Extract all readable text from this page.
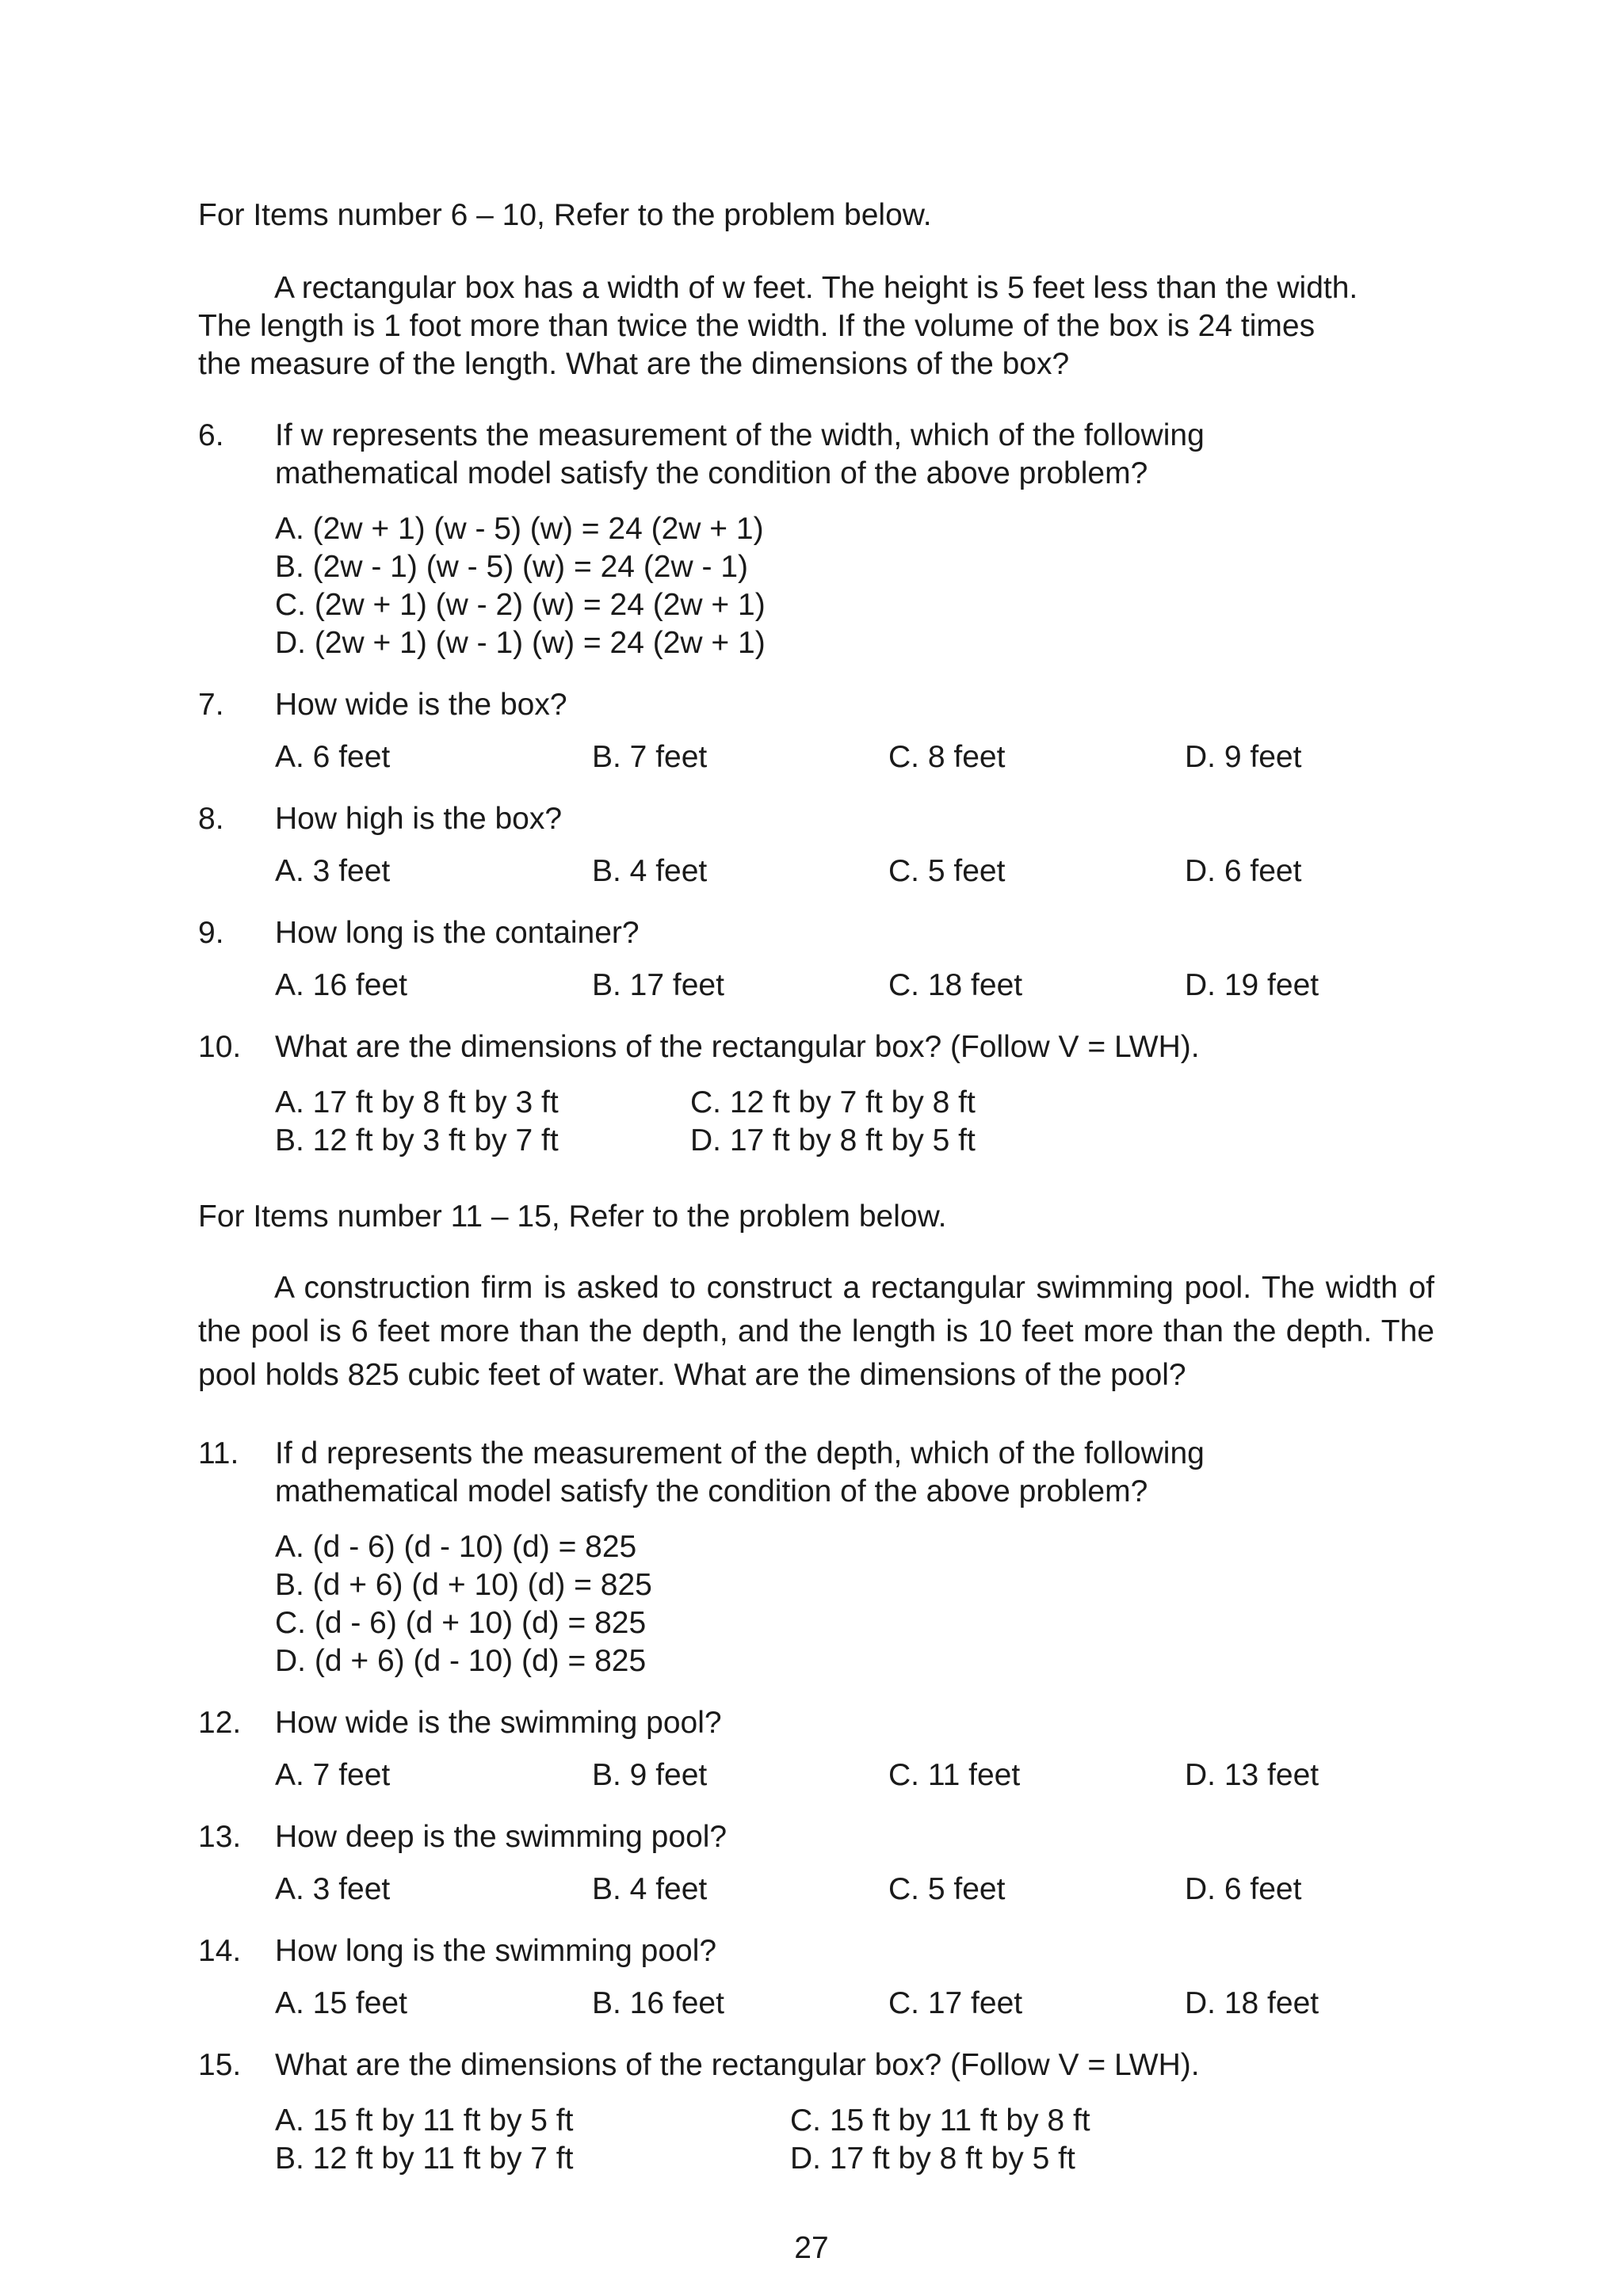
For Items number 6 – 10, Refer to the problem below.

A rectangular box has a width of w feet. The height is 5 feet less than the width.
The length is 1 foot more than twice the width. If the volume of the box is 24 times
the measure of the length. What are the dimensions of the box?
6.	If w represents the measurement of the width, which of the following
mathematical model satisfy the condition of the above problem?
A. (2w + 1) (w - 5) (w) = 24 (2w + 1)
B. (2w - 1) (w - 5) (w) = 24 (2w - 1)
C. (2w + 1) (w - 2) (w) = 24 (2w + 1)
D. (2w + 1) (w - 1) (w) = 24 (2w + 1)
7.	How wide is the box?
A. 6 feet	B. 7 feet	C. 8 feet	D. 9 feet
8.	How high is the box?
A. 3 feet	B. 4 feet	C. 5 feet	D. 6 feet
9.	How long is the container?
A. 16 feet	B. 17 feet	C. 18 feet	D. 19 feet
10.	What are the dimensions of the rectangular box? (Follow V = LWH).
A. 17 ft by 8 ft by 3 ft	C. 12 ft by 7 ft by 8 ft
B. 12 ft by 3 ft by 7 ft	D. 17 ft by 8 ft by 5 ft

For Items number 11 – 15, Refer to the problem below.

A construction firm is asked to construct a rectangular swimming pool. The width of the pool is 6 feet more than the depth, and the length is 10 feet more than the depth. The pool holds 825 cubic feet of water. What are the dimensions of the pool?
11.	If d represents the measurement of the depth, which of the following
mathematical model satisfy the condition of the above problem?
A. (d - 6) (d - 10) (d) = 825
B. (d + 6) (d + 10) (d) = 825
C. (d - 6) (d + 10) (d) = 825
D. (d + 6) (d - 10) (d) = 825
12.	How wide is the swimming pool?
A. 7 feet	B. 9 feet	C. 11 feet	D. 13 feet
13.	How deep is the swimming pool?
A. 3 feet	B. 4 feet	C. 5 feet	D. 6 feet
14.	How long is the swimming pool?
A. 15 feet	B. 16 feet	C. 17 feet	D. 18 feet
15.	What are the dimensions of the rectangular box? (Follow V = LWH).
A. 15 ft by 11 ft by 5 ft	C. 15 ft by 11 ft by 8 ft
B. 12 ft by 11 ft by 7 ft	D. 17 ft by 8 ft by 5 ft
27
